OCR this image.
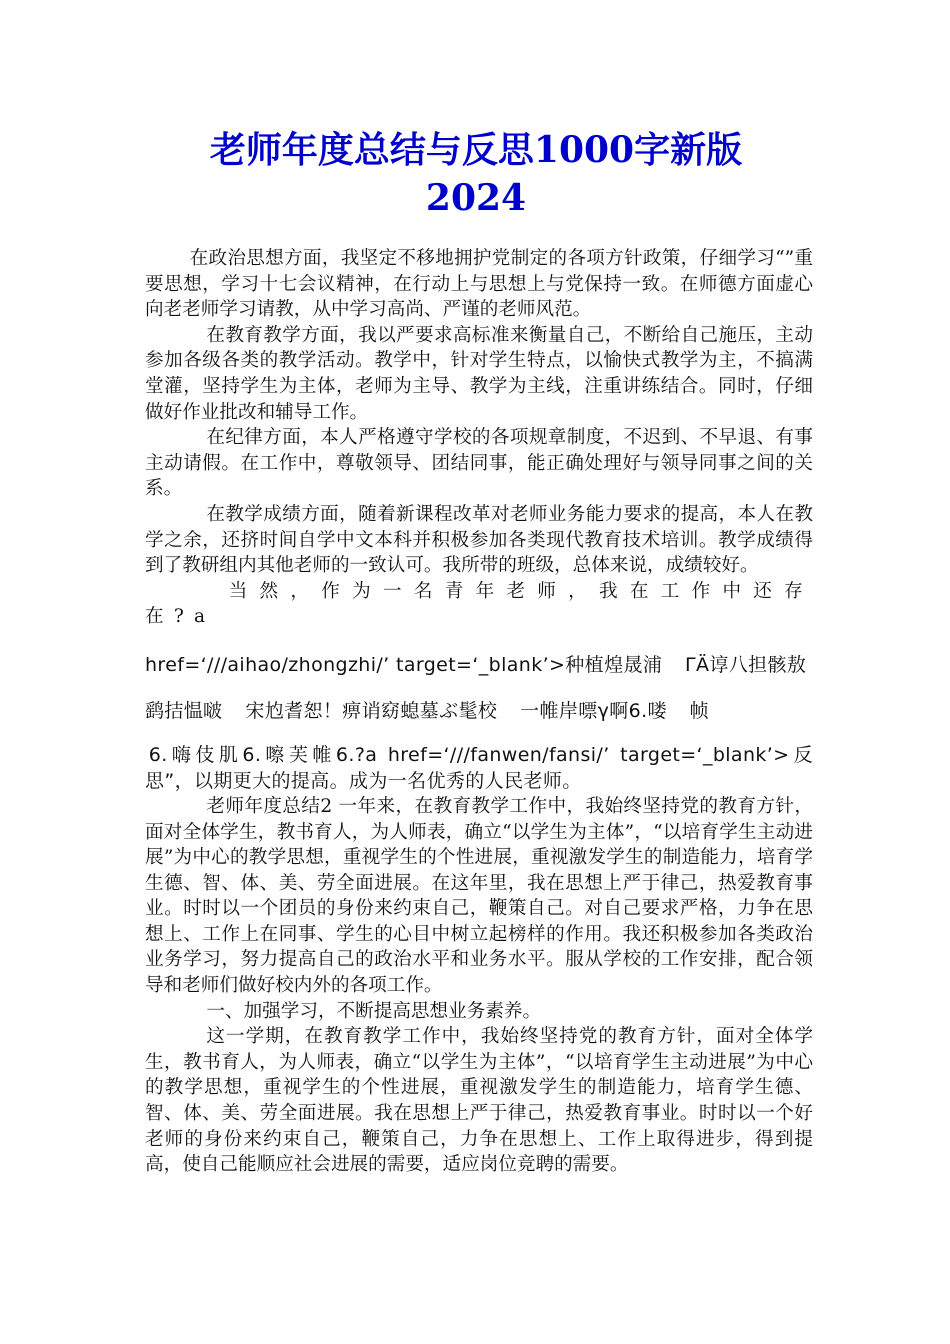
老师年度总结与反思1000字新版
2024

在政治思想方面，我坚定不移地拥护党制定的各项方针政策，仔细学习“”重要思想，学习十七会议精神，在行动上与思想上与党保持一致。在师德方面虚心向老老师学习请教，从中学习高尚、严谨的老师风范。

在教育教学方面，我以严要求高标准来衡量自己，不断给自己施压，主动参加各级各类的教学活动。教学中，针对学生特点，以愉快式教学为主，不搞满堂灌，坚持学生为主体，老师为主导、教学为主线，注重讲练结合。同时，仔细做好作业批改和辅导工作。

在纪律方面，本人严格遵守学校的各项规章制度，不迟到、不早退、有事主动请假。在工作中，尊敬领导、团结同事，能正确处理好与领导同事之间的关系。

在教学成绩方面，随着新课程改革对老师业务能力要求的提高，本人在教学之余，还挤时间自学中文本科并积极参加各类现代教育技术培训。教学成绩得到了教研组内其他老师的一致认可。我所带的班级，总体来说，成绩较好。

当然，作为一名青年老师，我在工作中还存在?a

href=‘///aihao/zhongzhi/’ target=‘_blank’>种植煌晟浦 ΓÄ谆八担骸敖

鹞拮愠啵 宋尥耆恕！痹诮窈螅墓ぶ髦校 一帷岸嘌γ啊6.喽 帧

6.嗨伎肌6.嚓芙帷6.?a href=‘///fanwen/fansi/’ target=‘_blank’>反思”，以期更大的提高。成为一名优秀的人民老师。

老师年度总结2 一年来，在教育教学工作中，我始终坚持党的教育方针，面对全体学生，教书育人，为人师表，确立“以学生为主体”，“以培育学生主动进展”为中心的教学思想，重视学生的个性进展，重视激发学生的制造能力，培育学生德、智、体、美、劳全面进展。在这年里，我在思想上严于律己，热爱教育事业。时时以一个团员的身份来约束自己，鞭策自己。对自己要求严格，力争在思想上、工作上在同事、学生的心目中树立起榜样的作用。我还积极参加各类政治业务学习，努力提高自己的政治水平和业务水平。服从学校的工作安排，配合领导和老师们做好校内外的各项工作。

一、加强学习，不断提高思想业务素养。

这一学期，在教育教学工作中，我始终坚持党的教育方针，面对全体学生，教书育人，为人师表，确立“以学生为主体”，“以培育学生主动进展”为中心的教学思想，重视学生的个性进展，重视激发学生的制造能力，培育学生德、智、体、美、劳全面进展。我在思想上严于律己，热爱教育事业。时时以一个好老师的身份来约束自己，鞭策自己，力争在思想上、工作上取得进步，得到提高，使自己能顺应社会进展的需要，适应岗位竞聘的需要。
